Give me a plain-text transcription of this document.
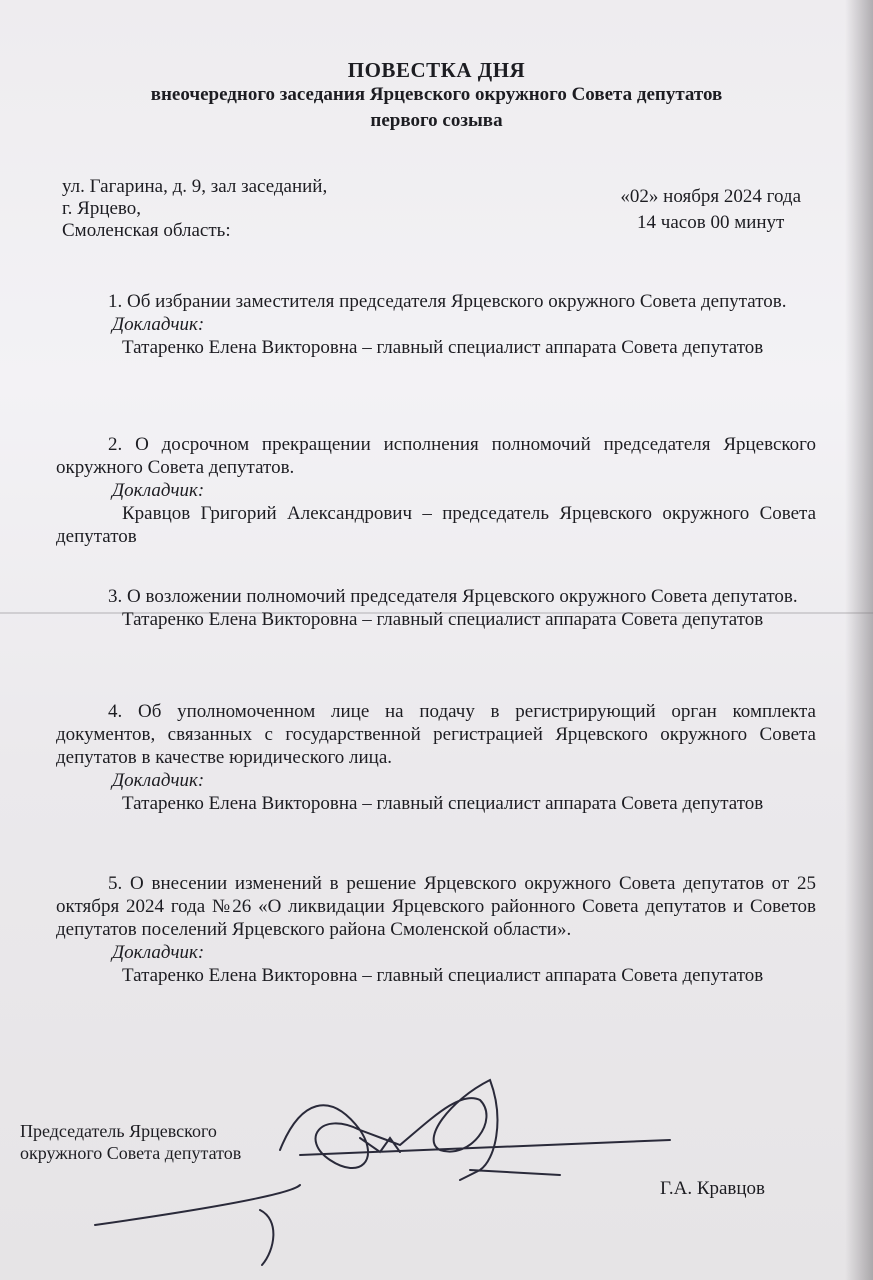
ПОВЕСТКА ДНЯ
внеочередного заседания Ярцевского окружного Совета депутатов
первого созыва
ул. Гагарина, д. 9, зал заседаний,
г. Ярцево,
Смоленская область:
«02» ноября 2024 года
14 часов 00 минут
1. Об избрании заместителя председателя Ярцевского окружного Совета депутатов.
Докладчик:
Татаренко Елена Викторовна – главный специалист аппарата Совета депутатов
2. О досрочном прекращении исполнения полномочий председателя Ярцевского окружного Совета депутатов.
Докладчик:
Кравцов Григорий Александрович – председатель Ярцевского окружного Совета депутатов
3. О возложении полномочий председателя Ярцевского окружного Совета депутатов.
Татаренко Елена Викторовна – главный специалист аппарата Совета депутатов
4. Об уполномоченном лице на подачу в регистрирующий орган комплекта документов, связанных с государственной регистрацией Ярцевского окружного Совета депутатов в качестве юридического лица.
Докладчик:
Татаренко Елена Викторовна – главный специалист аппарата Совета депутатов
5. О внесении изменений в решение Ярцевского окружного Совета депутатов от 25 октября 2024 года №26 «О ликвидации Ярцевского районного Совета депутатов и Советов депутатов поселений Ярцевского района Смоленской области».
Докладчик:
Татаренко Елена Викторовна – главный специалист аппарата Совета депутатов
Председатель Ярцевского
окружного Совета депутатов
Г.А. Кравцов
